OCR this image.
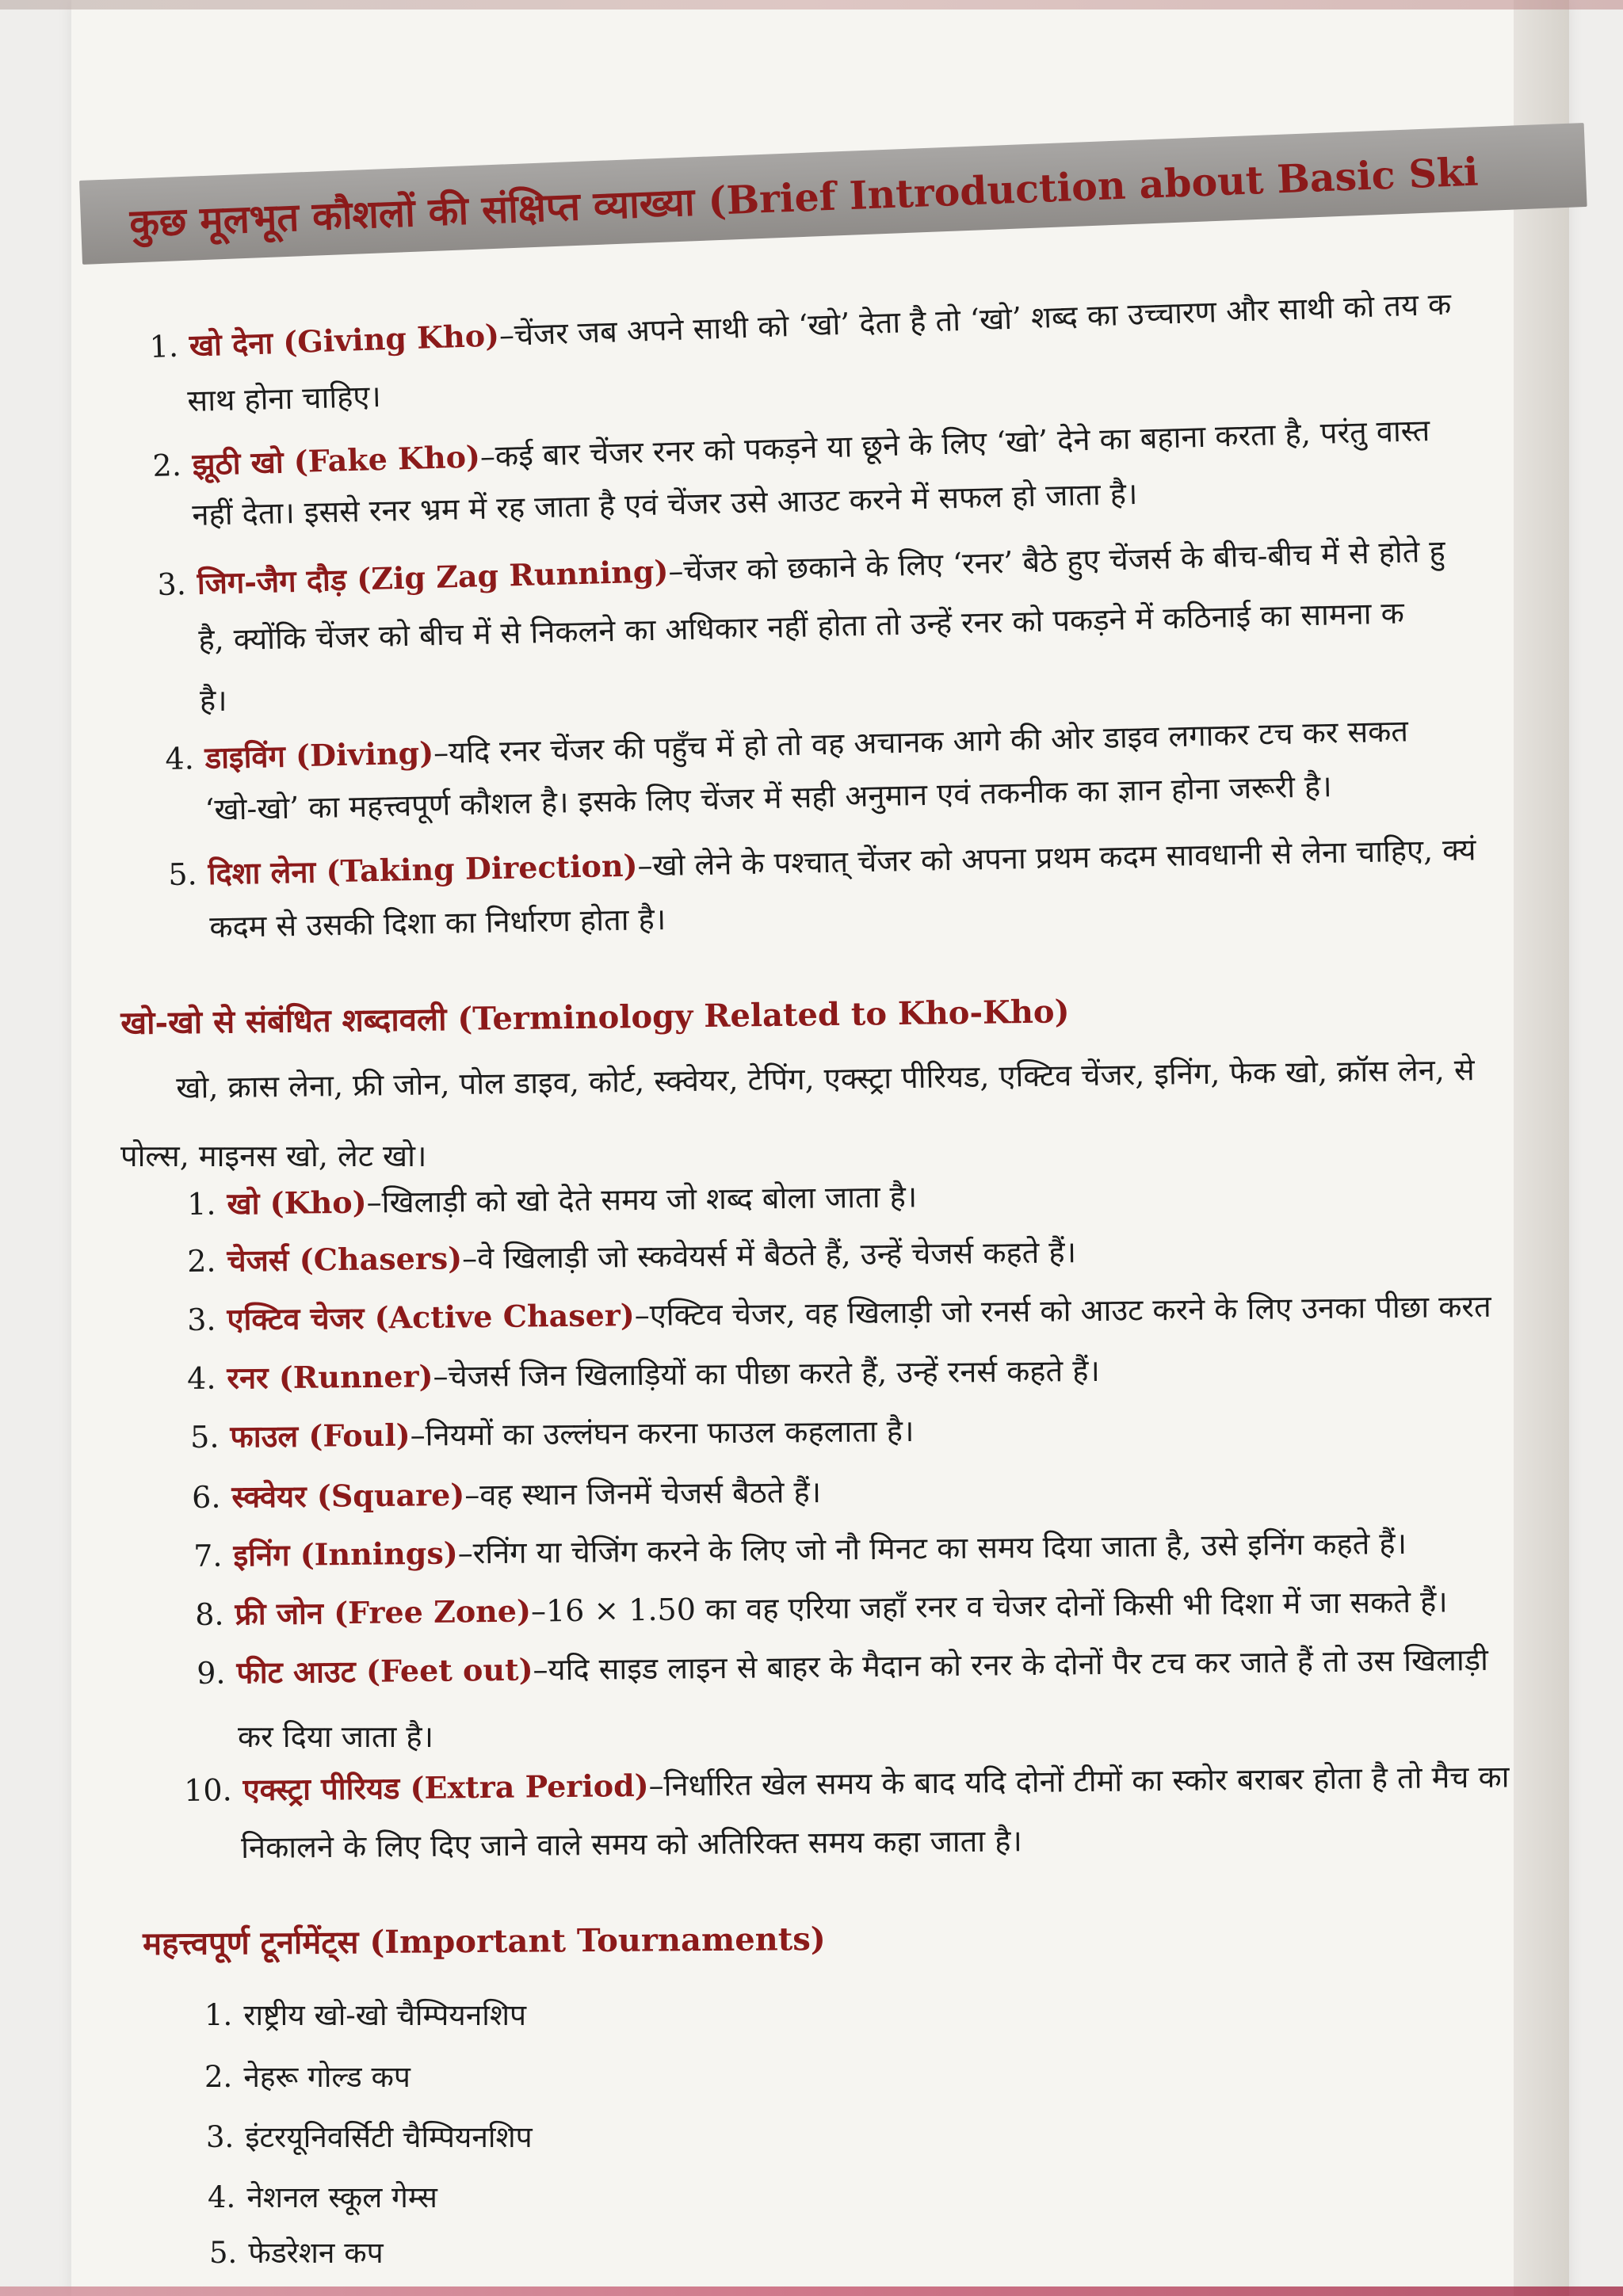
कुछ मूलभूत कौशलों की संक्षिप्त व्याख्या (Brief Introduction about Basic Ski
1. खो देना (Giving Kho)–चेंजर जब अपने साथी को ‘खो’ देता है तो ‘खो’ शब्द का उच्चारण और साथी को तय क
साथ होना चाहिए।
2. झूठी खो (Fake Kho)–कई बार चेंजर रनर को पकड़ने या छूने के लिए ‘खो’ देने का बहाना करता है, परंतु वास्त
नहीं देता। इससे रनर भ्रम में रह जाता है एवं चेंजर उसे आउट करने में सफल हो जाता है।
3. जिग-जैग दौड़ (Zig Zag Running)–चेंजर को छकाने के लिए ‘रनर’ बैठे हुए चेंजर्स के बीच-बीच में से होते हु
है, क्योंकि चेंजर को बीच में से निकलने का अधिकार नहीं होता तो उन्हें रनर को पकड़ने में कठिनाई का सामना क
है।
4. डाइविंग (Diving)–यदि रनर चेंजर की पहुँच में हो तो वह अचानक आगे की ओर डाइव लगाकर टच कर सकत
‘खो-खो’ का महत्त्वपूर्ण कौशल है। इसके लिए चेंजर में सही अनुमान एवं तकनीक का ज्ञान होना जरूरी है।
5. दिशा लेना (Taking Direction)–खो लेने के पश्चात् चेंजर को अपना प्रथम कदम सावधानी से लेना चाहिए, क्यं
कदम से उसकी दिशा का निर्धारण होता है।
खो-खो से संबंधित शब्दावली (Terminology Related to Kho-Kho)
खो, क्रास लेना, फ्री जोन, पोल डाइव, कोर्ट, स्क्वेयर, टेपिंग, एक्स्ट्रा पीरियड, एक्टिव चेंजर, इनिंग, फेक खो, क्रॉस लेन, से
पोल्स, माइनस खो, लेट खो।
1. खो (Kho)–खिलाड़ी को खो देते समय जो शब्द बोला जाता है।
2. चेजर्स (Chasers)–वे खिलाड़ी जो स्कवेयर्स में बैठते हैं, उन्हें चेजर्स कहते हैं।
3. एक्टिव चेजर (Active Chaser)–एक्टिव चेजर, वह खिलाड़ी जो रनर्स को आउट करने के लिए उनका पीछा करत
4. रनर (Runner)–चेजर्स जिन खिलाड़ियों का पीछा करते हैं, उन्हें रनर्स कहते हैं।
5. फाउल (Foul)–नियमों का उल्लंघन करना फाउल कहलाता है।
6. स्क्वेयर (Square)–वह स्थान जिनमें चेजर्स बैठते हैं।
7. इनिंग (Innings)–रनिंग या चेजिंग करने के लिए जो नौ मिनट का समय दिया जाता है, उसे इनिंग कहते हैं।
8. फ्री जोन (Free Zone)–16 × 1.50 का वह एरिया जहाँ रनर व चेजर दोनों किसी भी दिशा में जा सकते हैं।
9. फीट आउट (Feet out)–यदि साइड लाइन से बाहर के मैदान को रनर के दोनों पैर टच कर जाते हैं तो उस खिलाड़ी
कर दिया जाता है।
10. एक्स्ट्रा पीरियड (Extra Period)–निर्धारित खेल समय के बाद यदि दोनों टीमों का स्कोर बराबर होता है तो मैच का
निकालने के लिए दिए जाने वाले समय को अतिरिक्त समय कहा जाता है।
महत्त्वपूर्ण टूर्नामेंट्स (Important Tournaments)
1. राष्ट्रीय खो-खो चैम्पियनशिप
2. नेहरू गोल्ड कप
3. इंटरयूनिवर्सिटी चैम्पियनशिप
4. नेशनल स्कूल गेम्स
5. फेडरेशन कप
